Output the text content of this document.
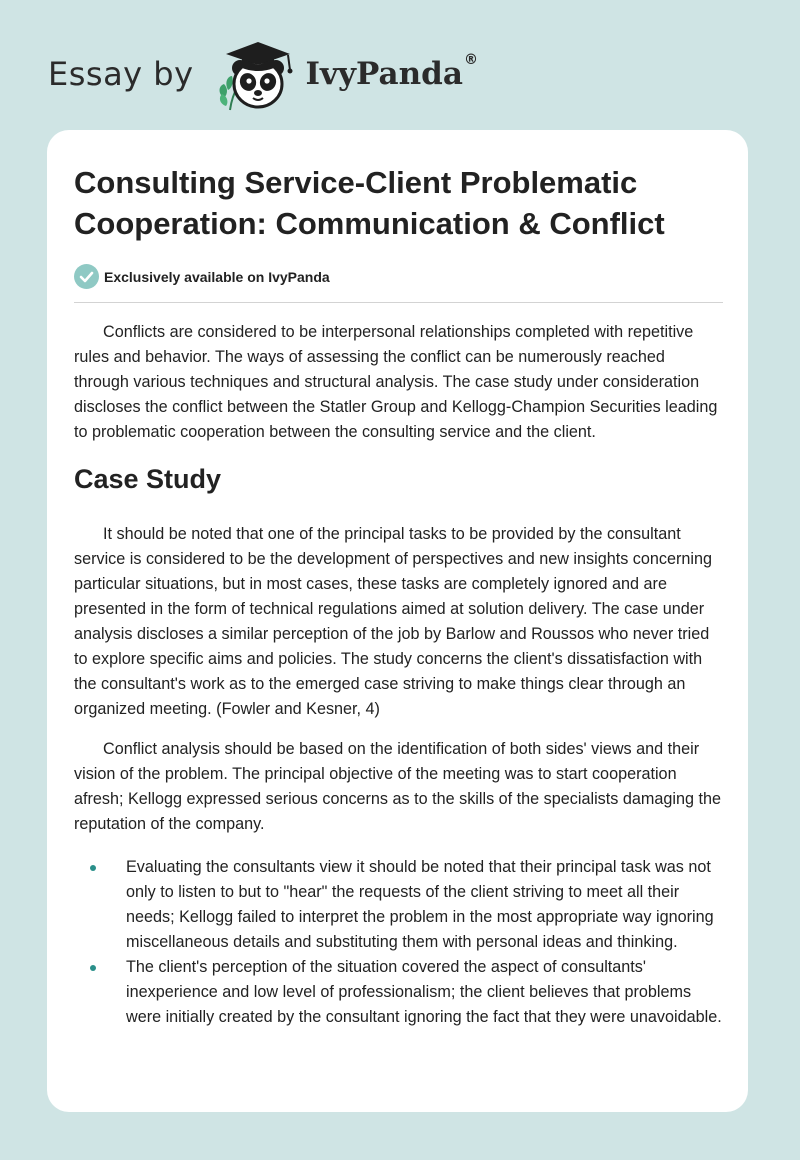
Essay by	IvyPanda®
Consulting Service-Client Problematic Cooperation: Communication & Conflict
Exclusively available on IvyPanda

Conflicts are considered to be interpersonal relationships completed with repetitive rules and behavior. The ways of assessing the conflict can be numerously reached through various techniques and structural analysis. The case study under consideration discloses the conflict between the Statler Group and Kellogg-Champion Securities leading to problematic cooperation between the consulting service and the client.

Case Study

It should be noted that one of the principal tasks to be provided by the consultant service is considered to be the development of perspectives and new insights concerning particular situations, but in most cases, these tasks are completely ignored and are presented in the form of technical regulations aimed at solution delivery. The case under analysis discloses a similar perception of the job by Barlow and Roussos who never tried to explore specific aims and policies. The study concerns the client's dissatisfaction with the consultant's work as to the emerged case striving to make things clear through an organized meeting. (Fowler and Kesner, 4)

Conflict analysis should be based on the identification of both sides' views and their vision of the problem. The principal objective of the meeting was to start cooperation afresh; Kellogg expressed serious concerns as to the skills of the specialists damaging the reputation of the company.

Evaluating the consultants view it should be noted that their principal task was not only to listen to but to "hear" the requests of the client striving to meet all their needs; Kellogg failed to interpret the problem in the most appropriate way ignoring miscellaneous details and substituting them with personal ideas and thinking.
The client's perception of the situation covered the aspect of consultants' inexperience and low level of professionalism; the client believes that problems were initially created by the consultant ignoring the fact that they were unavoidable.
